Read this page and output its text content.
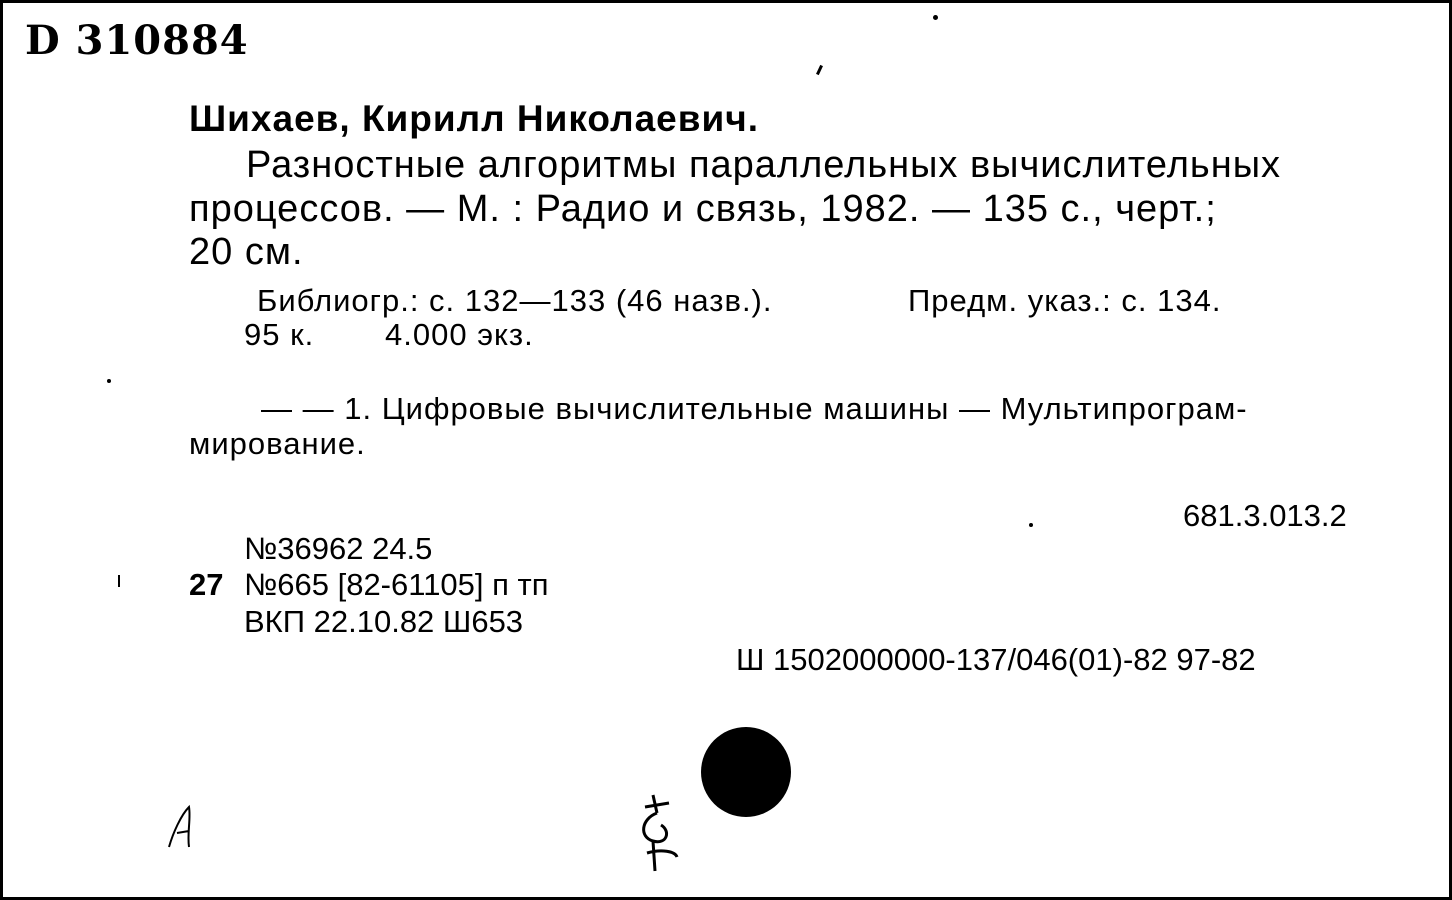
D 310884
Шихаев, Кирилл Николаевич.
Разностные алгоритмы параллельных вычислительных
процессов. — М. : Радио и связь, 1982. — 135 с., черт.;
20 см.
Библиогр.: с. 132—133 (46 назв.).	Предм. указ.: с. 134.
95 к. 4.000 экз.
— — 1. Цифровые вычислительные машины — Мультипрограм-
мирование.
681.3.013.2
№36962 24.5
27 №665 [82-61105] п тп
ВКП 22.10.82 Ш653
Ш 1502000000-137/046(01)-82 97-82
